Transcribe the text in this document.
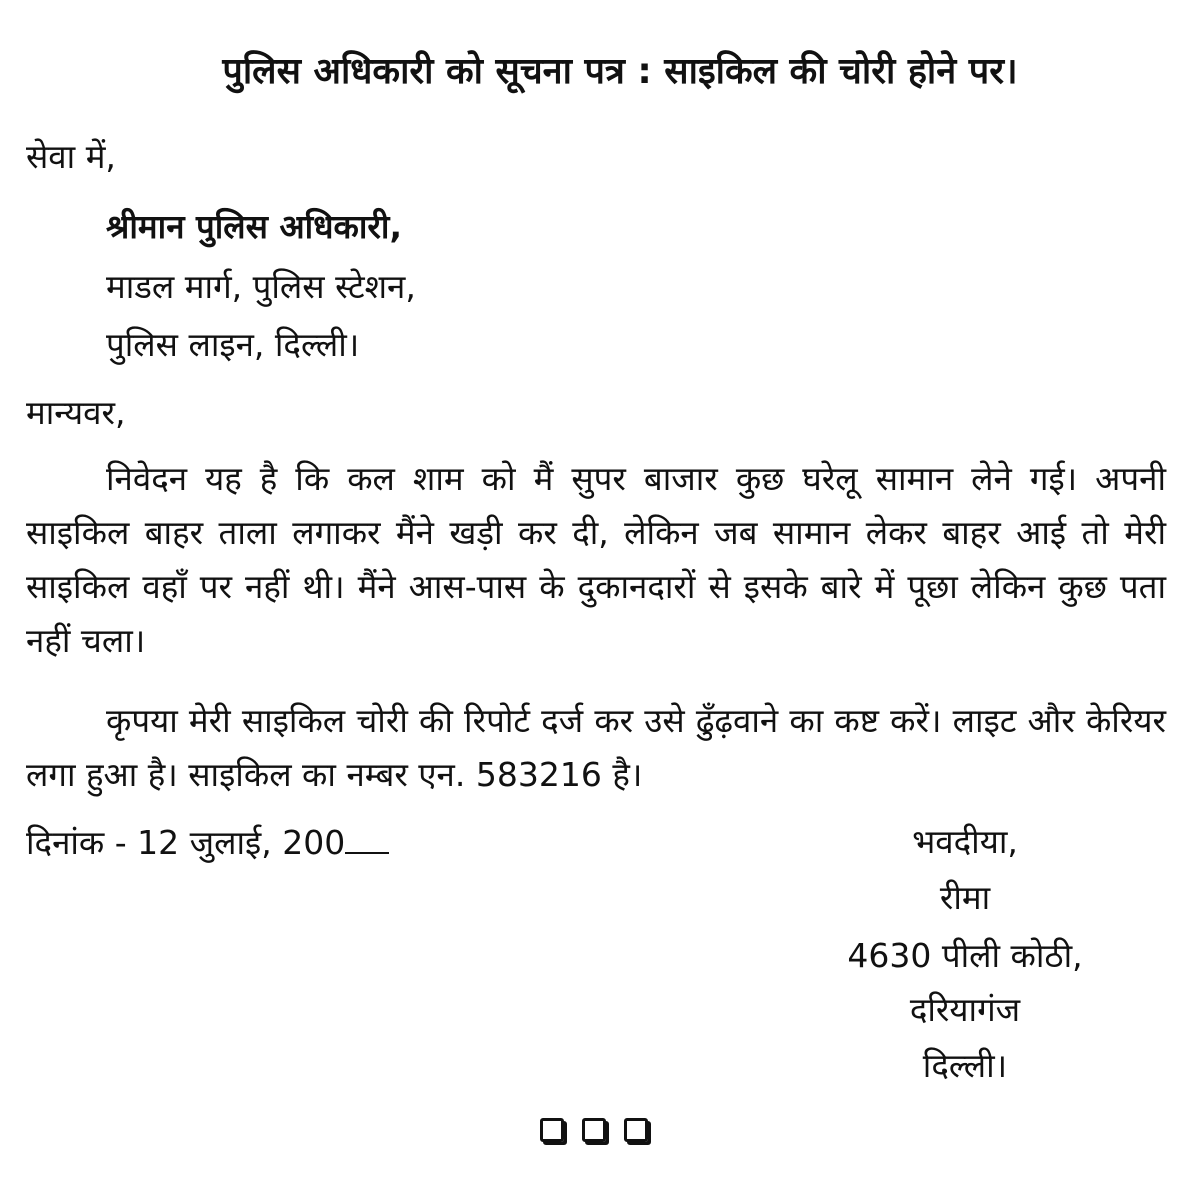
पुलिस अधिकारी को सूचना पत्र : साइकिल की चोरी होने पर।
सेवा में,
श्रीमान पुलिस अधिकारी,
माडल मार्ग, पुलिस स्टेशन,
पुलिस लाइन, दिल्ली।
मान्यवर,
निवेदन यह है कि कल शाम को मैं सुपर बाजार कुछ घरेलू सामान लेने गई। अपनी साइकिल बाहर ताला लगाकर मैंने खड़ी कर दी, लेकिन जब सामान लेकर बाहर आई तो मेरी साइकिल वहाँ पर नहीं थी। मैंने आस-पास के दुकानदारों से इसके बारे में पूछा लेकिन कुछ पता नहीं चला।
कृपया मेरी साइकिल चोरी की रिपोर्ट दर्ज कर उसे ढुँढ़वाने का कष्ट करें। लाइट और केरियर लगा हुआ है। साइकिल का नम्बर एन. 583216 है।
दिनांक - 12 जुलाई, 200	भवदीया,
रीमा
4630 पीली कोठी,
दरियागंज
दिल्ली।
